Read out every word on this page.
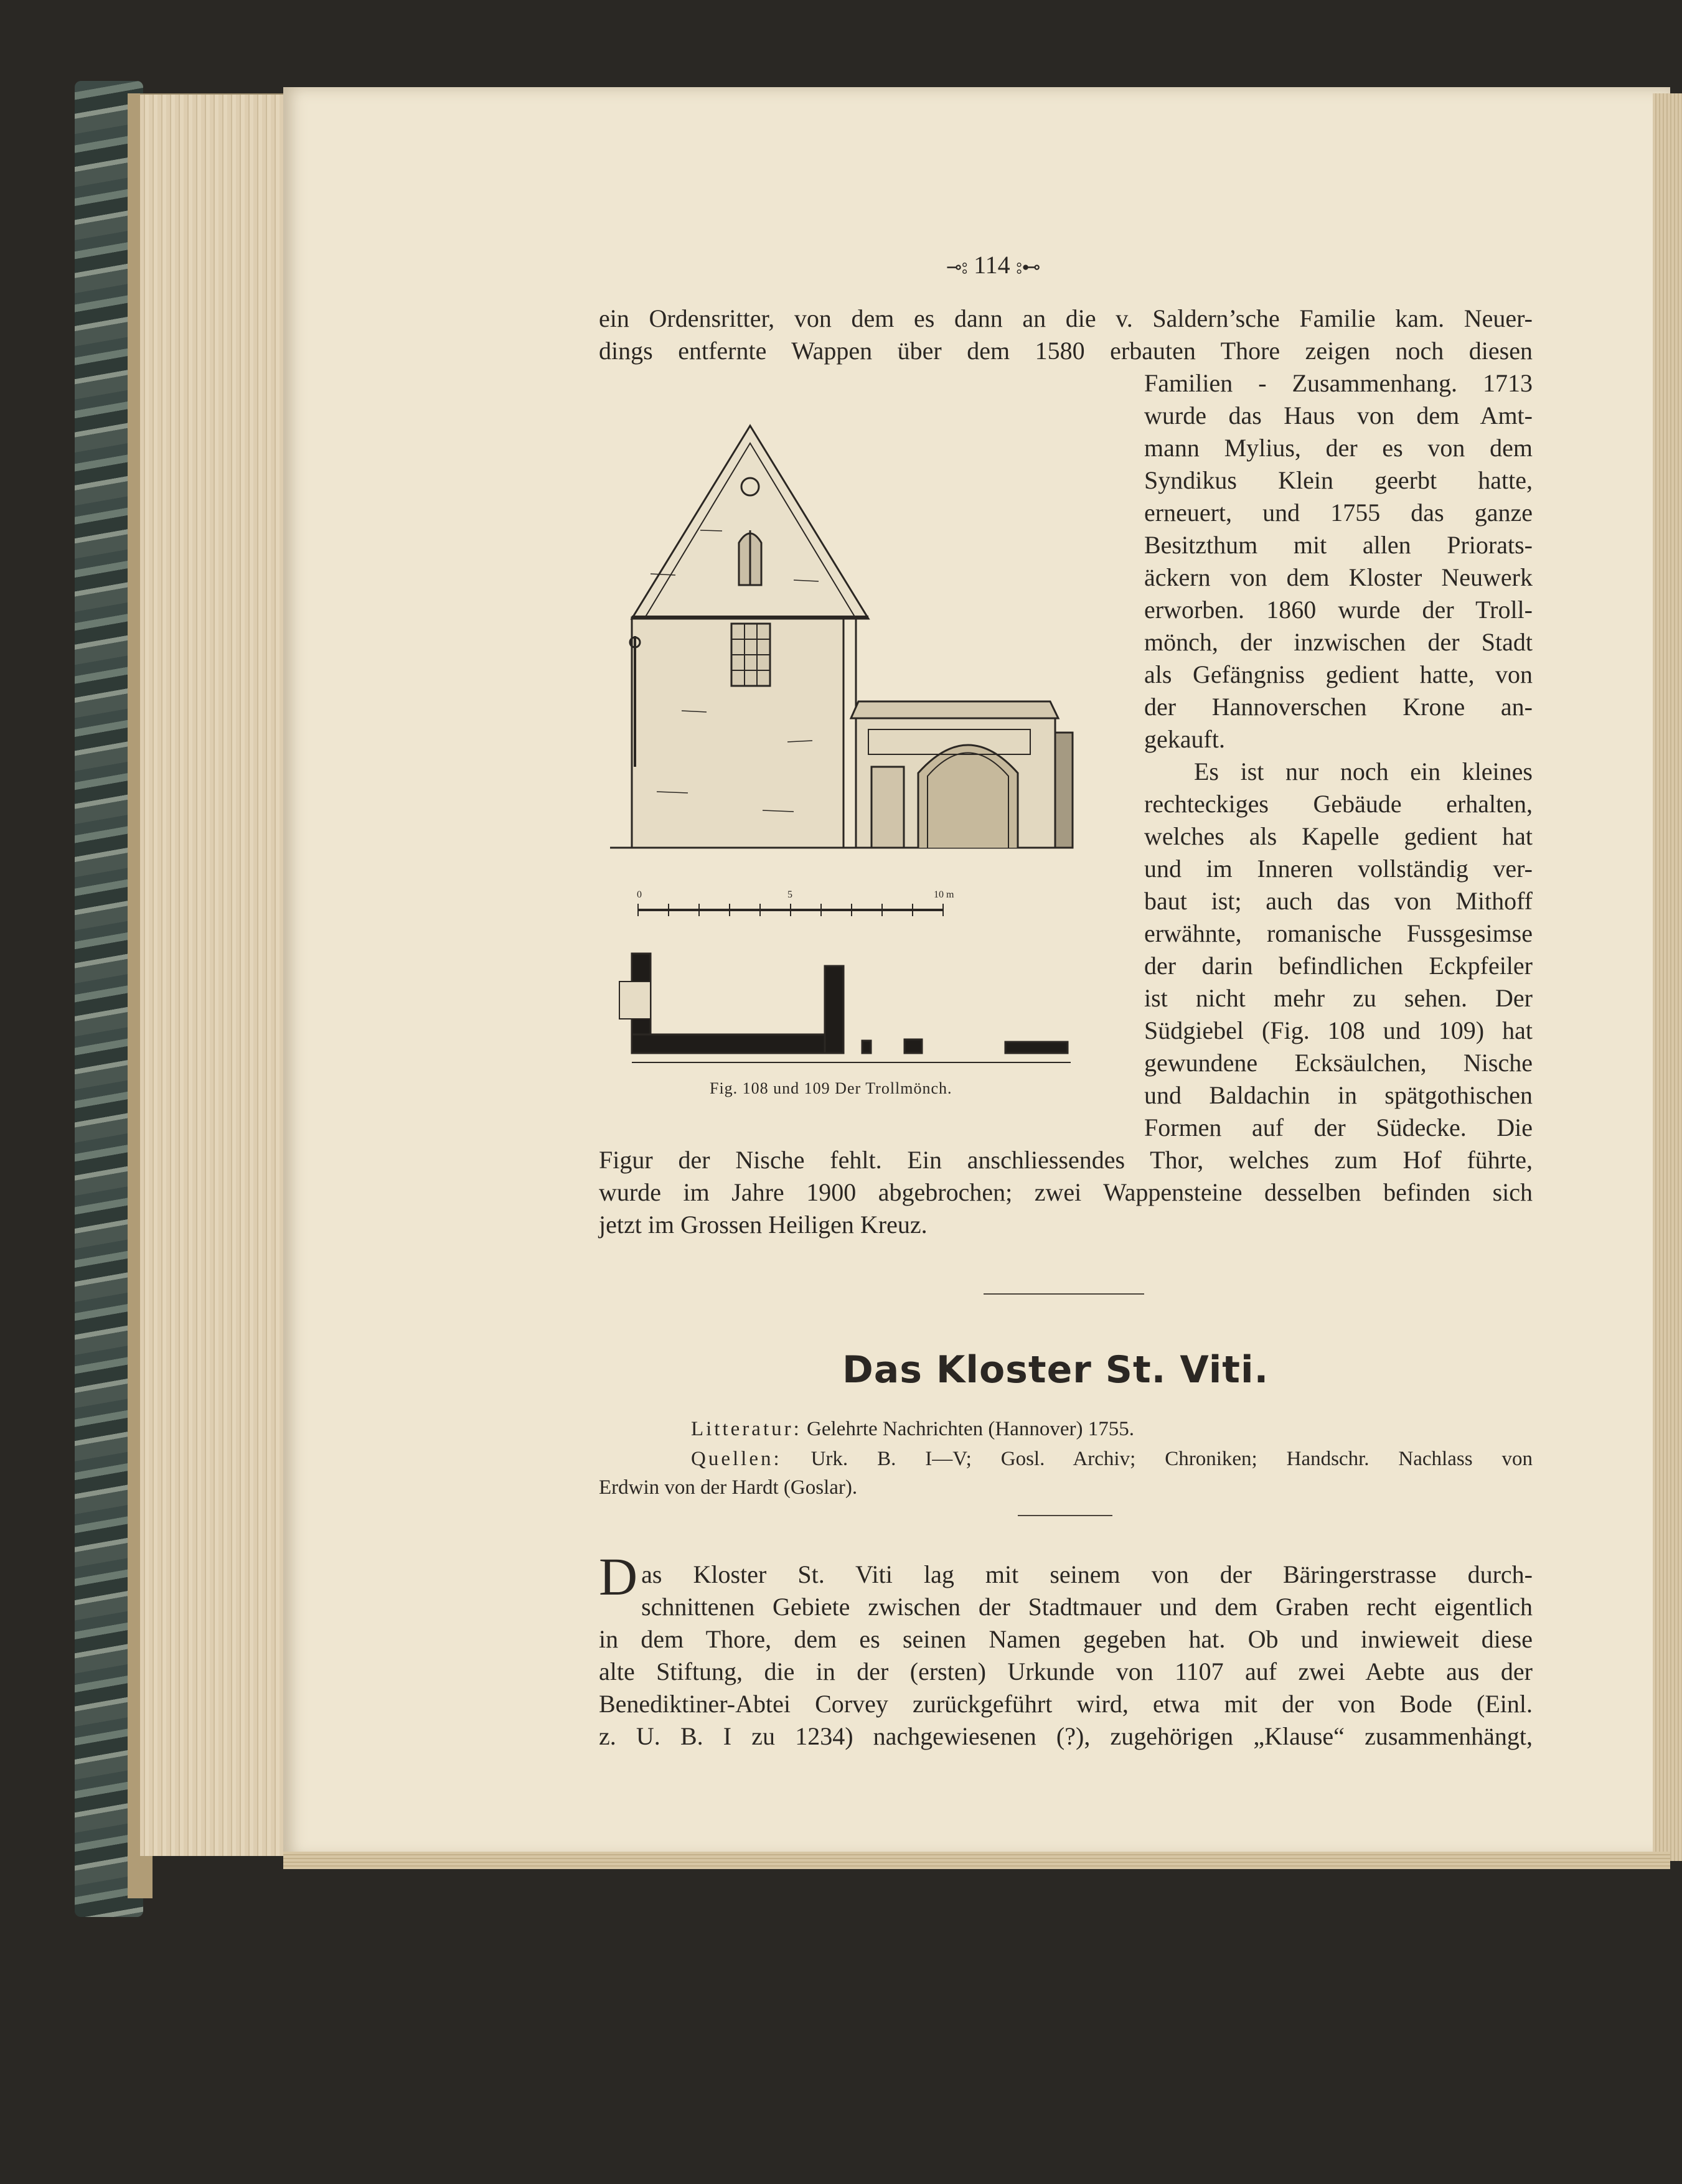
⊸⦂ 114 ⦂⊷
ein Ordensritter, von dem es dann an die v. Saldern’sche Familie kam. Neuer-
dings entfernte Wappen über dem 1580 erbauten Thore zeigen noch diesen
Familien - Zusammenhang. 1713
wurde das Haus von dem Amt-
mann Mylius, der es von dem
Syndikus Klein geerbt hatte,
erneuert, und 1755 das ganze
Besitzthum mit allen Priorats-
äckern von dem Kloster Neuwerk
erworben. 1860 wurde der Troll-
mönch, der inzwischen der Stadt
als Gefängniss gedient hatte, von
der Hannoverschen Krone an-
gekauft.
Es ist nur noch ein kleines
rechteckiges Gebäude erhalten,
welches als Kapelle gedient hat
und im Inneren vollständig ver-
baut ist; auch das von Mithoff
erwähnte, romanische Fussgesimse
der darin befindlichen Eckpfeiler
ist nicht mehr zu sehen. Der
Südgiebel (Fig. 108 und 109) hat
gewundene Ecksäulchen, Nische
und Baldachin in spätgothischen
Formen auf der Südecke. Die
Figur der Nische fehlt. Ein anschliessendes Thor, welches zum Hof führte,
wurde im Jahre 1900 abgebrochen; zwei Wappensteine desselben befinden sich
jetzt im Grossen Heiligen Kreuz.
0	5	10 m
Fig. 108 und 109 Der Trollmönch.
Das Kloster St. Viti.
Litteratur: Gelehrte Nachrichten (Hannover) 1755.
Quellen: Urk. B. I—V; Gosl. Archiv; Chroniken; Handschr. Nachlass von
Erdwin von der Hardt (Goslar).
Das Kloster St. Viti lag mit seinem von der Bäringerstrasse durch-
schnittenen Gebiete zwischen der Stadtmauer und dem Graben recht eigentlich
in dem Thore, dem es seinen Namen gegeben hat. Ob und inwieweit diese
alte Stiftung, die in der (ersten) Urkunde von 1107 auf zwei Aebte aus der
Benediktiner-Abtei Corvey zurückgeführt wird, etwa mit der von Bode (Einl.
z. U. B. I zu 1234) nachgewiesenen (?), zugehörigen „Klause“ zusammenhängt,
